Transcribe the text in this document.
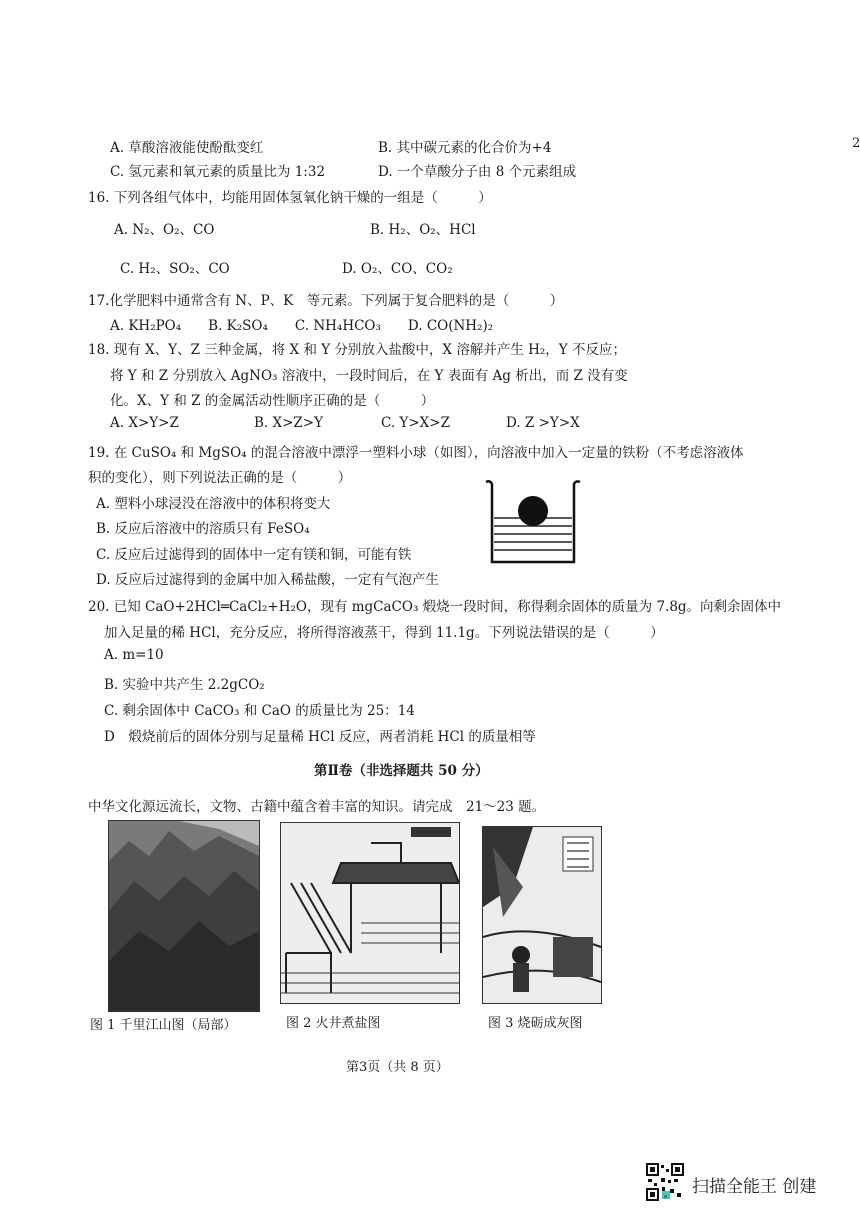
2
A. 草酸溶液能使酚酞变红	B. 其中碳元素的化合价为+4
C. 氢元素和氧元素的质量比为 1:32	D. 一个草酸分子由 8 个元素组成
16. 下列各组气体中，均能用固体氢氧化钠干燥的一组是（　　　）
A. N₂、O₂、CO	B. H₂、O₂、HCl
C. H₂、SO₂、CO	D. O₂、CO、CO₂
17.化学肥料中通常含有 N、P、K　等元素。下列属于复合肥料的是（　　　）
A. KH₂PO₄　　B. K₂SO₄　　C. NH₄HCO₃　　D. CO(NH₂)₂
18. 现有 X、Y、Z 三种金属，将 X 和 Y 分别放入盐酸中，X 溶解并产生 H₂，Y 不反应；
将 Y 和 Z 分别放入 AgNO₃ 溶液中，一段时间后，在 Y 表面有 Ag 析出，而 Z 没有变
化。X、Y 和 Z 的金属活动性顺序正确的是（　　　）
A. X>Y>Z	B. X>Z>Y	C. Y>X>Z	D. Z >Y>X
19. 在 CuSO₄ 和 MgSO₄ 的混合溶液中漂浮一塑料小球（如图），向溶液中加入一定量的铁粉（不考虑溶液体
积的变化），则下列说法正确的是（　　　）
A. 塑料小球浸没在溶液中的体积将变大
B. 反应后溶液中的溶质只有 FeSO₄
C. 反应后过滤得到的固体中一定有镁和铜，可能有铁
D. 反应后过滤得到的金属中加入稀盐酸，一定有气泡产生
20. 已知 CaO+2HCl═CaCl₂+H₂O，现有 mgCaCO₃ 煅烧一段时间，称得剩余固体的质量为 7.8g。向剩余固体中
加入足量的稀 HCl，充分反应，将所得溶液蒸干，得到 11.1g。下列说法错误的是（　　　）
A. m=10
B. 实验中共产生 2.2gCO₂
C. 剩余固体中 CaCO₃ 和 CaO 的质量比为 25：14
D　煅烧前后的固体分别与足量稀 HCl 反应，两者消耗 HCl 的质量相等
第Ⅱ卷（非选择题共 50 分）
中华文化源远流长，文物、古籍中蕴含着丰富的知识。请完成　21～23 题。
图 1 千里江山图（局部）	图 2 火井煮盐图	图 3 烧砺成灰图
第3页（共 8 页）
扫描全能王 创建
